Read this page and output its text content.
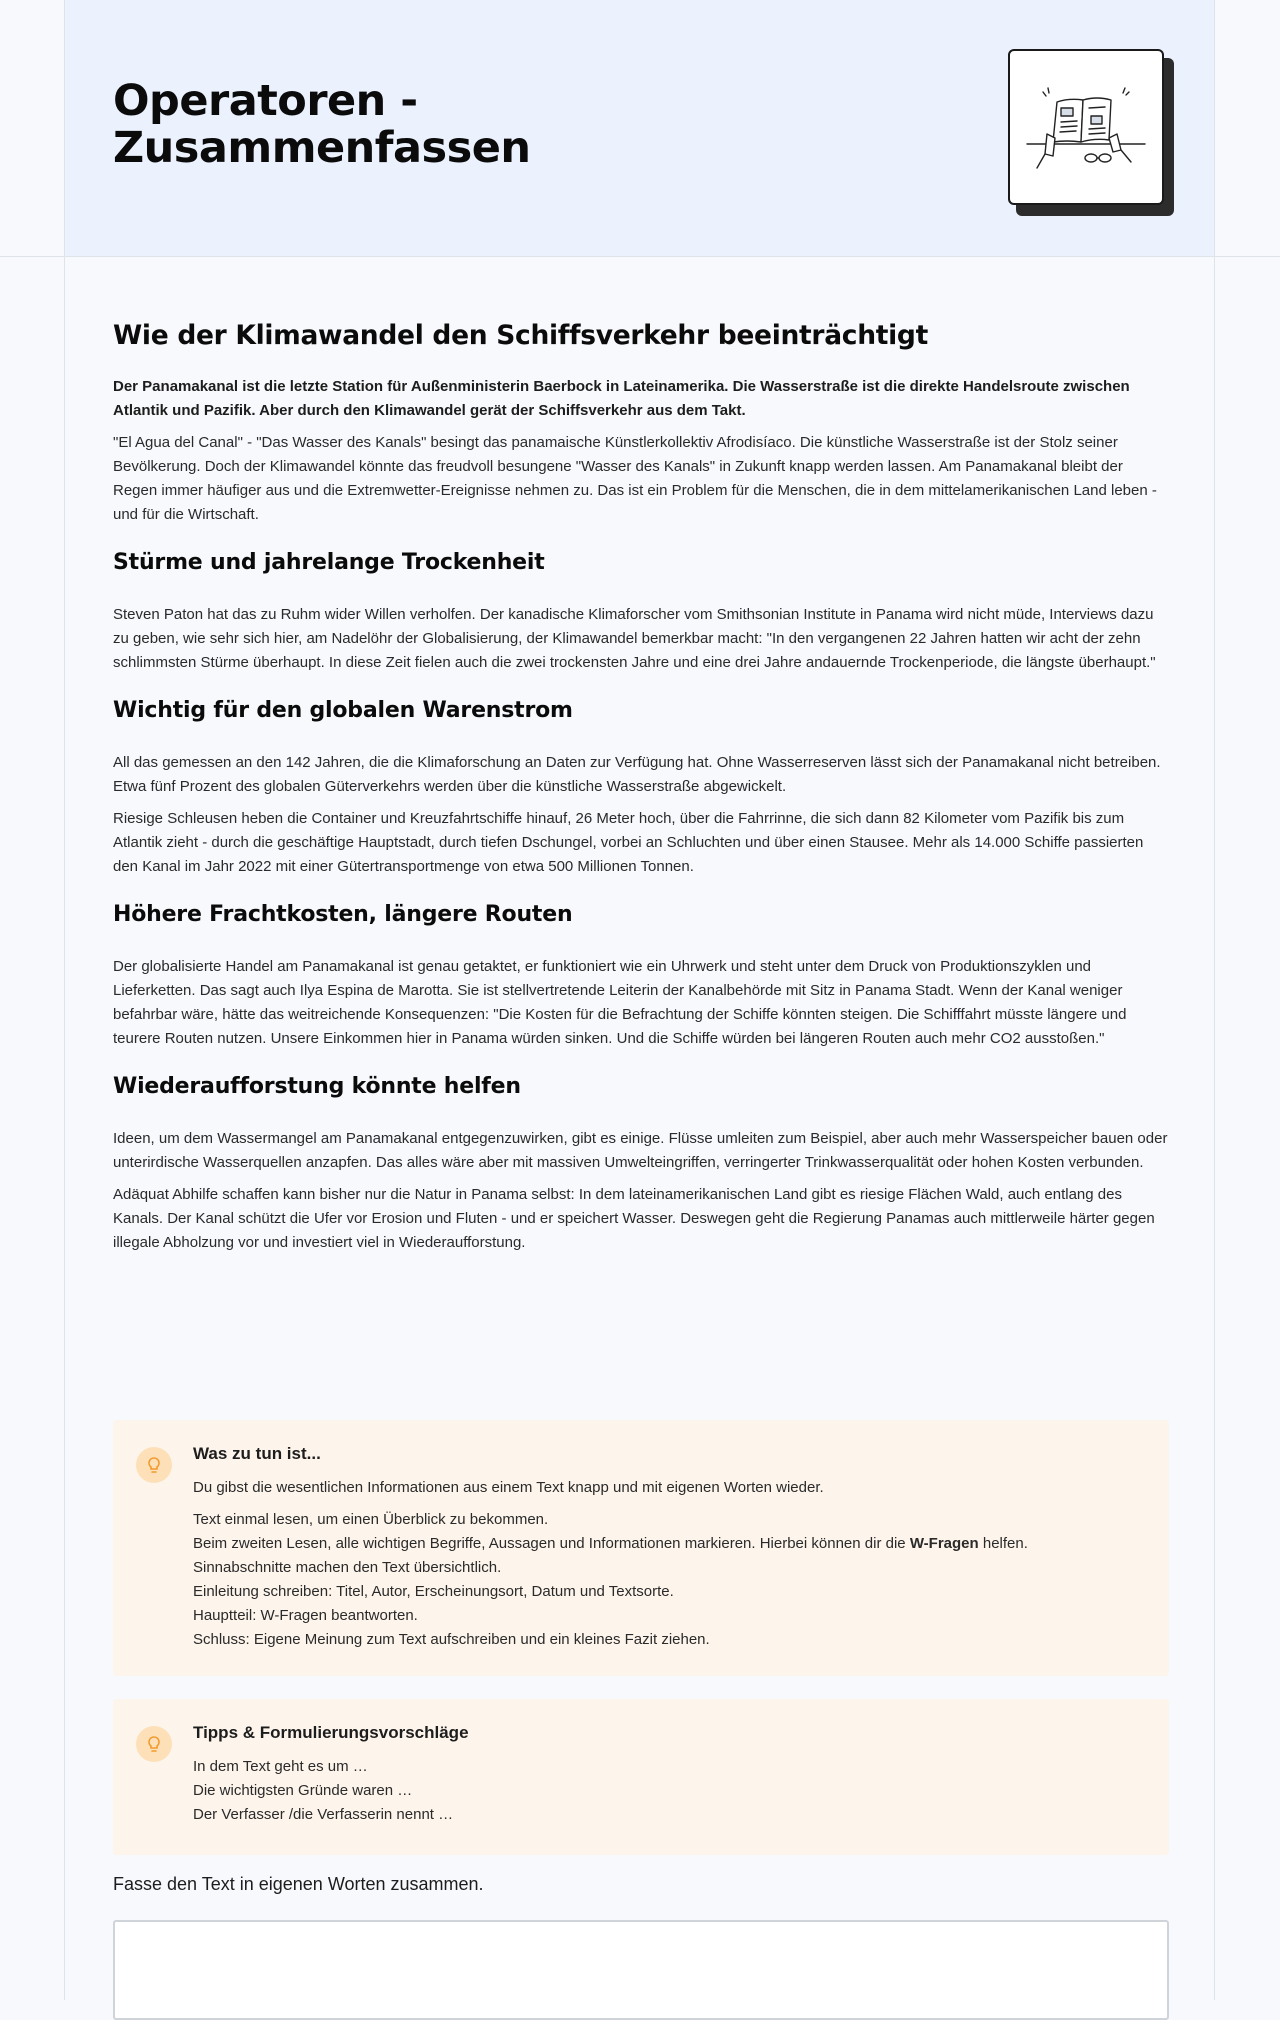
Operatoren - Zusammenfassen
Wie der Klimawandel den Schiffsverkehr beeinträchtigt

Der Panamakanal ist die letzte Station für Außenministerin Baerbock in Lateinamerika. Die Wasserstraße ist die direkte Handelsroute zwischen Atlantik und Pazifik. Aber durch den Klimawandel gerät der Schiffsverkehr aus dem Takt.

"El Agua del Canal" - "Das Wasser des Kanals" besingt das panamaische Künstlerkollektiv Afrodisíaco. Die künstliche Wasserstraße ist der Stolz seiner Bevölkerung. Doch der Klimawandel könnte das freudvoll besungene "Wasser des Kanals" in Zukunft knapp werden lassen. Am Panamakanal bleibt der Regen immer häufiger aus und die Extremwetter-Ereignisse nehmen zu. Das ist ein Problem für die Menschen, die in dem mittelamerikanischen Land leben - und für die Wirtschaft.

Stürme und jahrelange Trockenheit

Steven Paton hat das zu Ruhm wider Willen verholfen. Der kanadische Klimaforscher vom Smithsonian Institute in Panama wird nicht müde, Interviews dazu zu geben, wie sehr sich hier, am Nadelöhr der Globalisierung, der Klimawandel bemerkbar macht: "In den vergangenen 22 Jahren hatten wir acht der zehn schlimmsten Stürme überhaupt. In diese Zeit fielen auch die zwei trockensten Jahre und eine drei Jahre andauernde Trockenperiode, die längste überhaupt."

Wichtig für den globalen Warenstrom

All das gemessen an den 142 Jahren, die die Klimaforschung an Daten zur Verfügung hat. Ohne Wasserreserven lässt sich der Panamakanal nicht betreiben. Etwa fünf Prozent des globalen Güterverkehrs werden über die künstliche Wasserstraße abgewickelt.

Riesige Schleusen heben die Container und Kreuzfahrtschiffe hinauf, 26 Meter hoch, über die Fahrrinne, die sich dann 82 Kilometer vom Pazifik bis zum Atlantik zieht - durch die geschäftige Hauptstadt, durch tiefen Dschungel, vorbei an Schluchten und über einen Stausee. Mehr als 14.000 Schiffe passierten den Kanal im Jahr 2022 mit einer Gütertransportmenge von etwa 500 Millionen Tonnen.

Höhere Frachtkosten, längere Routen

Der globalisierte Handel am Panamakanal ist genau getaktet, er funktioniert wie ein Uhrwerk und steht unter dem Druck von Produktionszyklen und Lieferketten. Das sagt auch Ilya Espina de Marotta. Sie ist stellvertretende Leiterin der Kanalbehörde mit Sitz in Panama Stadt. Wenn der Kanal weniger befahrbar wäre, hätte das weitreichende Konsequenzen: "Die Kosten für die Befrachtung der Schiffe könnten steigen. Die Schifffahrt müsste längere und teurere Routen nutzen. Unsere Einkommen hier in Panama würden sinken. Und die Schiffe würden bei längeren Routen auch mehr CO2 ausstoßen."

Wiederaufforstung könnte helfen

Ideen, um dem Wassermangel am Panamakanal entgegenzuwirken, gibt es einige. Flüsse umleiten zum Beispiel, aber auch mehr Wasserspeicher bauen oder unterirdische Wasserquellen anzapfen. Das alles wäre aber mit massiven Umwelteingriffen, verringerter Trinkwasserqualität oder hohen Kosten verbunden.

Adäquat Abhilfe schaffen kann bisher nur die Natur in Panama selbst: In dem lateinamerikanischen Land gibt es riesige Flächen Wald, auch entlang des Kanals. Der Kanal schützt die Ufer vor Erosion und Fluten - und er speichert Wasser. Deswegen geht die Regierung Panamas auch mittlerweile härter gegen illegale Abholzung vor und investiert viel in Wiederaufforstung.

Was zu tun ist...

Du gibst die wesentlichen Informationen aus einem Text knapp und mit eigenen Worten wieder.

Text einmal lesen, um einen Überblick zu bekommen.

Beim zweiten Lesen, alle wichtigen Begriffe, Aussagen und Informationen markieren. Hierbei können dir die W-Fragen helfen.

Sinnabschnitte machen den Text übersichtlich.

Einleitung schreiben: Titel, Autor, Erscheinungsort, Datum und Textsorte.

Hauptteil: W-Fragen beantworten.

Schluss: Eigene Meinung zum Text aufschreiben und ein kleines Fazit ziehen.

Tipps & Formulierungsvorschläge

In dem Text geht es um …

Die wichtigsten Gründe waren …

Der Verfasser /die Verfasserin nennt …

Fasse den Text in eigenen Worten zusammen.
